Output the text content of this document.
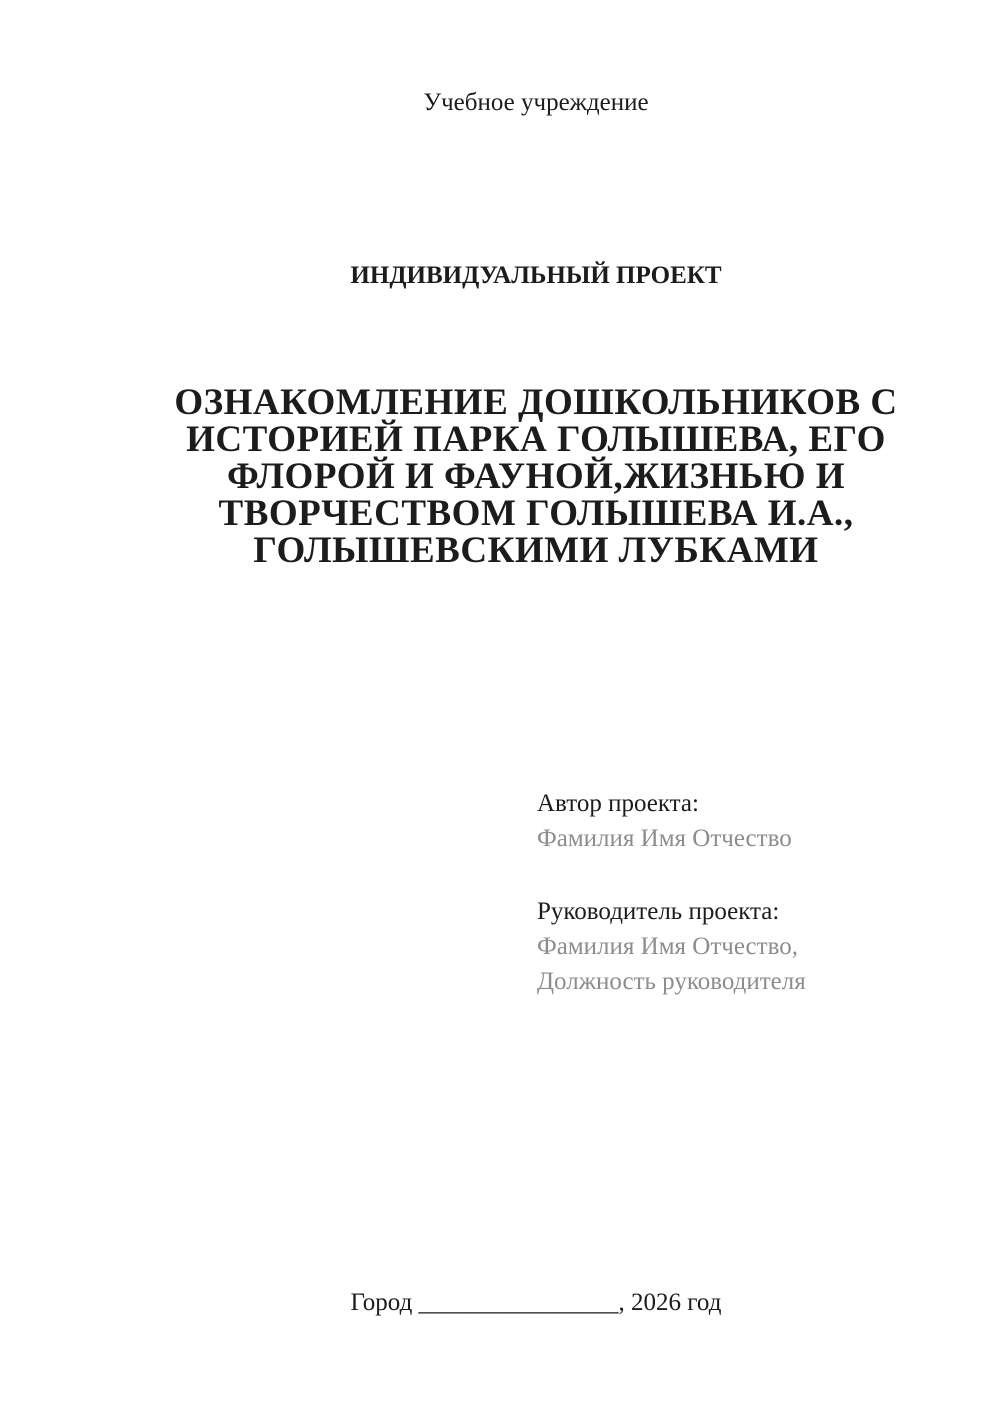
Учебное учреждение
ИНДИВИДУАЛЬНЫЙ ПРОЕКТ
ОЗНАКОМЛЕНИЕ ДОШКОЛЬНИКОВ С
ИСТОРИЕЙ ПАРКА ГОЛЫШЕВА, ЕГО
ФЛОРОЙ И ФАУНОЙ,ЖИЗНЬЮ И
ТВОРЧЕСТВОМ ГОЛЫШЕВА И.А.,
ГОЛЫШЕВСКИМИ ЛУБКАМИ
Автор проекта:
Фамилия Имя Отчество
Руководитель проекта:
Фамилия Имя Отчество,
Должность руководителя
Город ________________, 2026 год
